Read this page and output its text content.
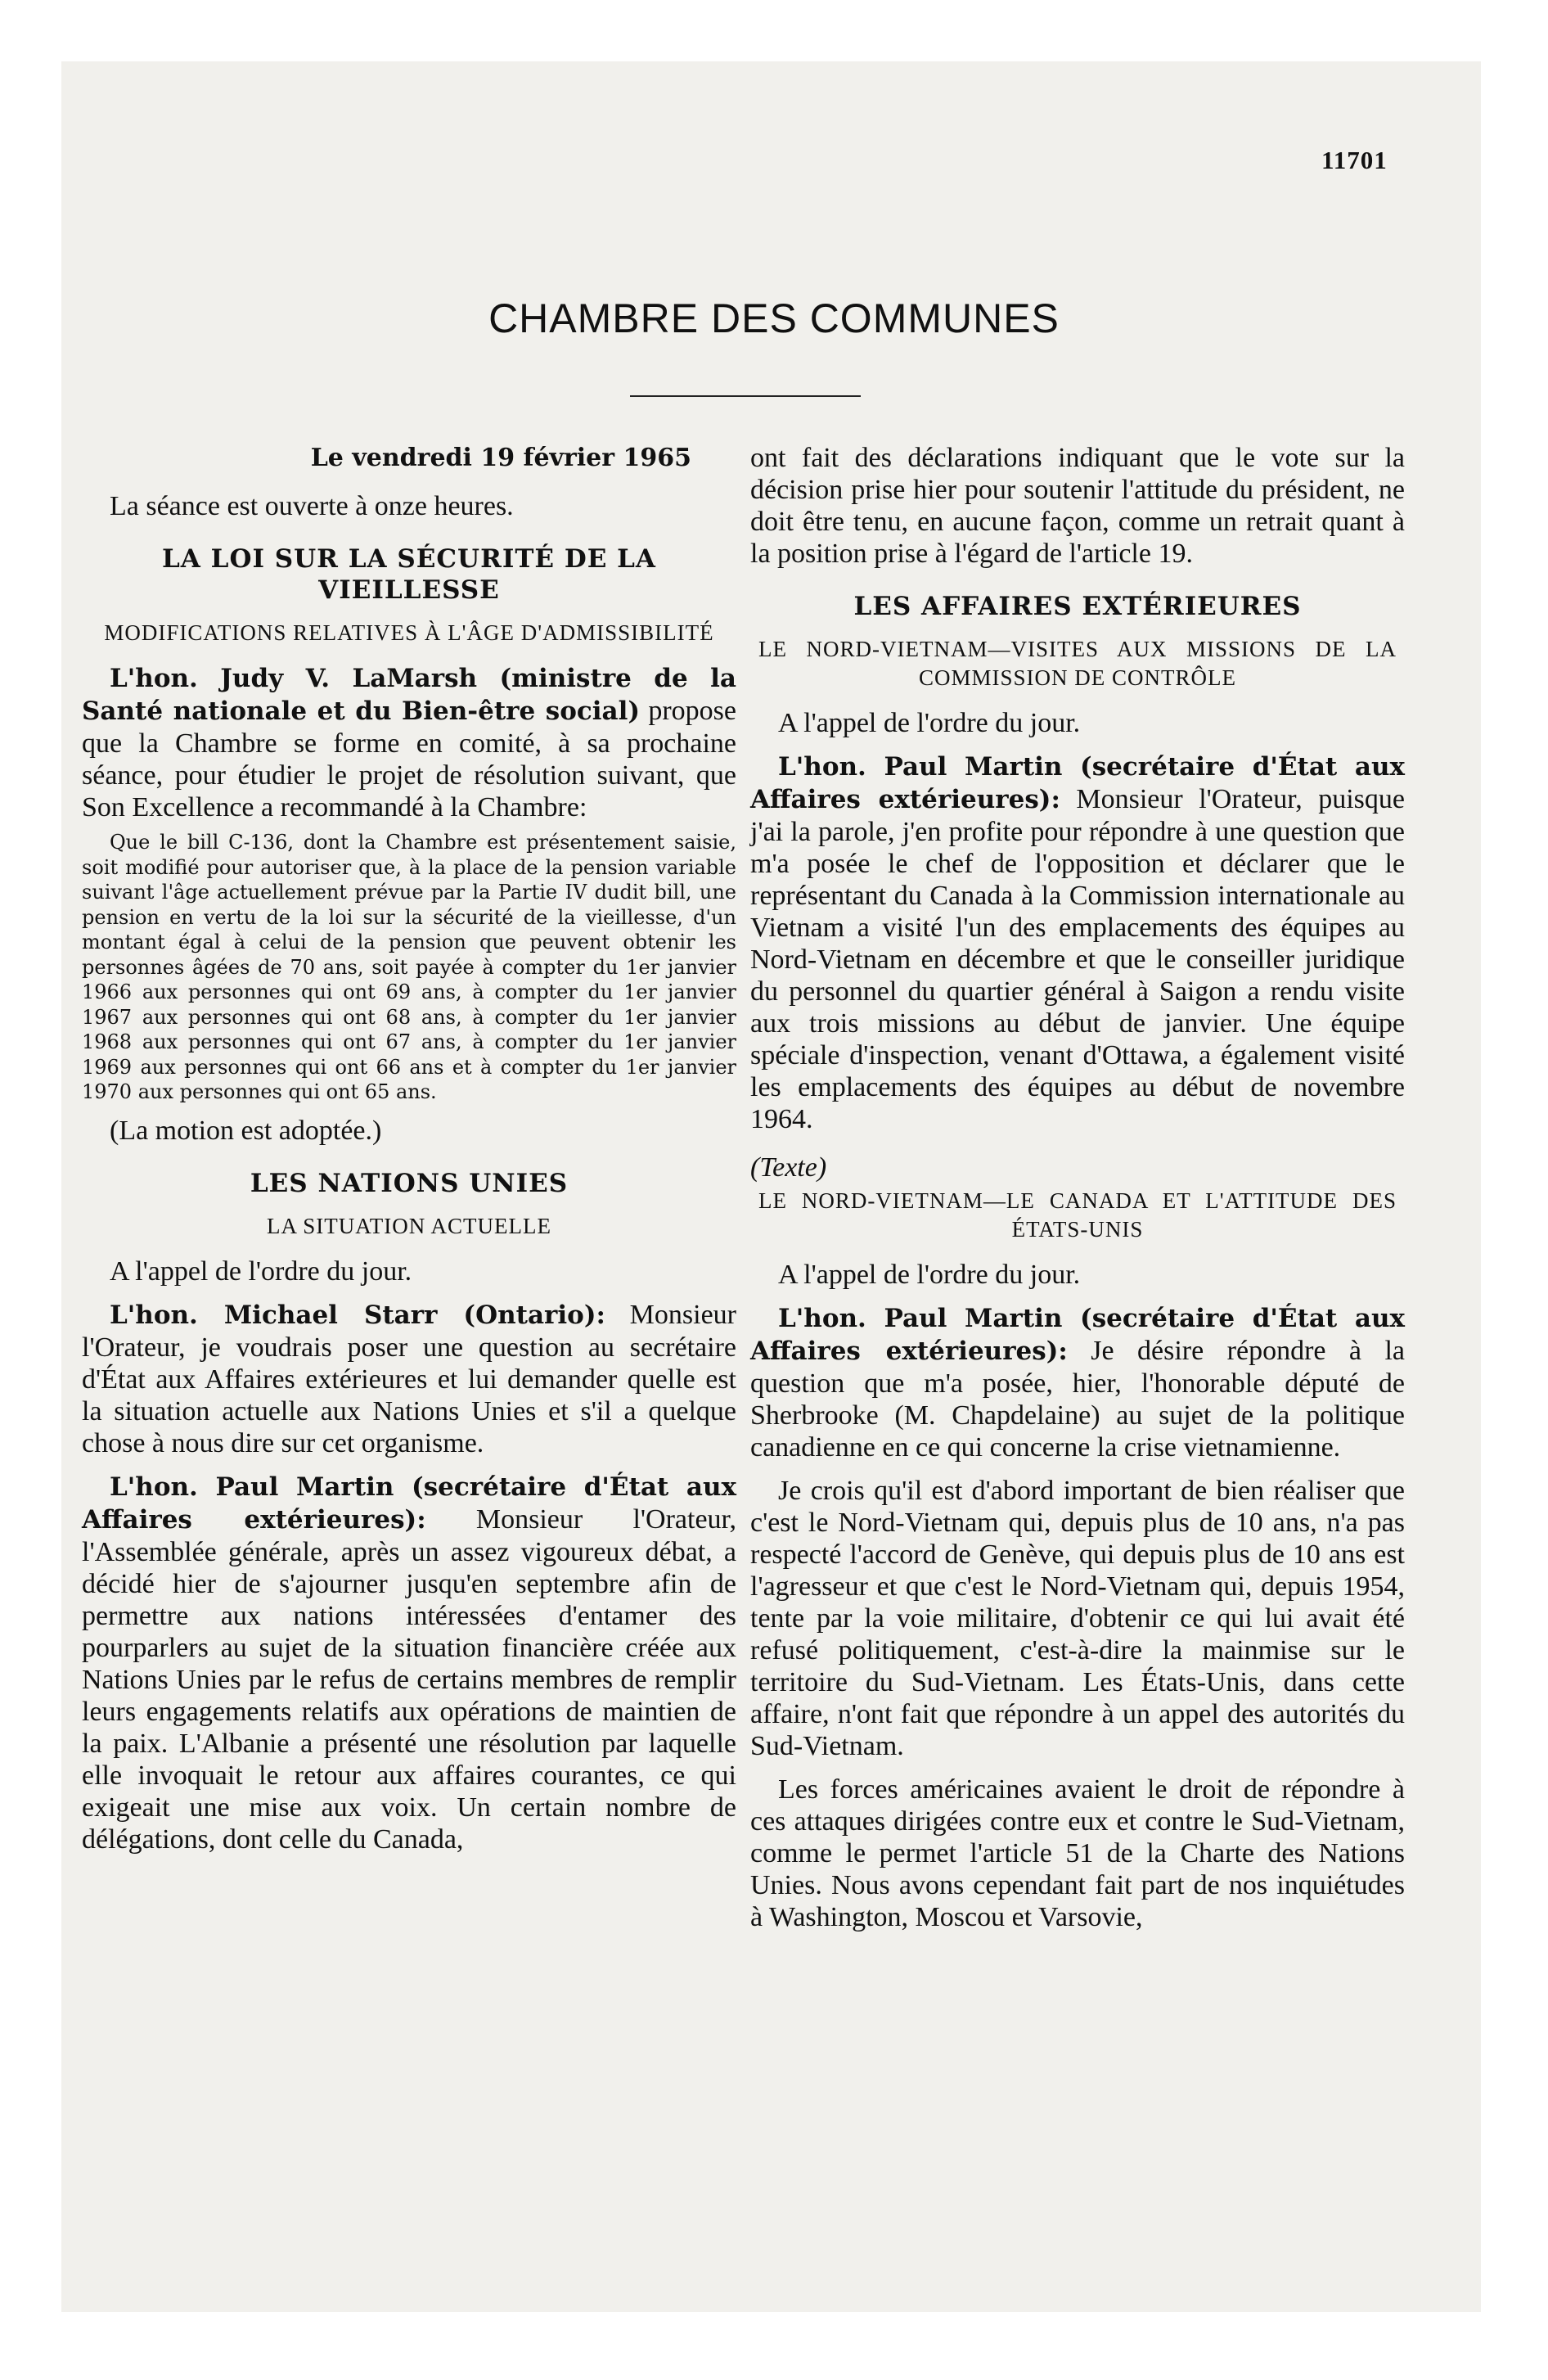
11701
CHAMBRE DES COMMUNES

Le vendredi 19 février 1965

La séance est ouverte à onze heures.

LA LOI SUR LA SÉCURITÉ DE LA VIEILLESSE

MODIFICATIONS RELATIVES À L'ÂGE D'ADMISSIBILITÉ

L'hon. Judy V. LaMarsh (ministre de la Santé nationale et du Bien-être social) propose que la Chambre se forme en comité, à sa prochaine séance, pour étudier le projet de résolution suivant, que Son Excellence a recommandé à la Chambre:

Que le bill C-136, dont la Chambre est présentement saisie, soit modifié pour autoriser que, à la place de la pension variable suivant l'âge actuellement prévue par la Partie IV dudit bill, une pension en vertu de la loi sur la sécurité de la vieillesse, d'un montant égal à celui de la pension que peuvent obtenir les personnes âgées de 70 ans, soit payée à compter du 1er janvier 1966 aux personnes qui ont 69 ans, à compter du 1er janvier 1967 aux personnes qui ont 68 ans, à compter du 1er janvier 1968 aux personnes qui ont 67 ans, à compter du 1er janvier 1969 aux personnes qui ont 66 ans et à compter du 1er janvier 1970 aux personnes qui ont 65 ans.

(La motion est adoptée.)

LES NATIONS UNIES

LA SITUATION ACTUELLE

A l'appel de l'ordre du jour.

L'hon. Michael Starr (Ontario): Monsieur l'Orateur, je voudrais poser une question au secrétaire d'État aux Affaires extérieures et lui demander quelle est la situation actuelle aux Nations Unies et s'il a quelque chose à nous dire sur cet organisme.

L'hon. Paul Martin (secrétaire d'État aux Affaires extérieures): Monsieur l'Orateur, l'Assemblée générale, après un assez vigoureux débat, a décidé hier de s'ajourner jusqu'en septembre afin de permettre aux nations intéressées d'entamer des pourparlers au sujet de la situation financière créée aux Nations Unies par le refus de certains membres de remplir leurs engagements relatifs aux opérations de maintien de la paix. L'Albanie a présenté une résolution par laquelle elle invoquait le retour aux affaires courantes, ce qui exigeait une mise aux voix. Un certain nombre de délégations, dont celle du Canada,

ont fait des déclarations indiquant que le vote sur la décision prise hier pour soutenir l'attitude du président, ne doit être tenu, en aucune façon, comme un retrait quant à la position prise à l'égard de l'article 19.

LES AFFAIRES EXTÉRIEURES

LE NORD-VIETNAM—VISITES AUX MISSIONS DE LA COMMISSION DE CONTRÔLE

A l'appel de l'ordre du jour.

L'hon. Paul Martin (secrétaire d'État aux Affaires extérieures): Monsieur l'Orateur, puisque j'ai la parole, j'en profite pour répondre à une question que m'a posée le chef de l'opposition et déclarer que le représentant du Canada à la Commission internationale au Vietnam a visité l'un des emplacements des équipes au Nord-Vietnam en décembre et que le conseiller juridique du personnel du quartier général à Saigon a rendu visite aux trois missions au début de janvier. Une équipe spéciale d'inspection, venant d'Ottawa, a également visité les emplacements des équipes au début de novembre 1964.

(Texte)

LE NORD-VIETNAM—LE CANADA ET L'ATTITUDE DES ÉTATS-UNIS

A l'appel de l'ordre du jour.

L'hon. Paul Martin (secrétaire d'État aux Affaires extérieures): Je désire répondre à la question que m'a posée, hier, l'honorable député de Sherbrooke (M. Chapdelaine) au sujet de la politique canadienne en ce qui concerne la crise vietnamienne.

Je crois qu'il est d'abord important de bien réaliser que c'est le Nord-Vietnam qui, depuis plus de 10 ans, n'a pas respecté l'accord de Genève, qui depuis plus de 10 ans est l'agresseur et que c'est le Nord-Vietnam qui, depuis 1954, tente par la voie militaire, d'obtenir ce qui lui avait été refusé politiquement, c'est-à-dire la mainmise sur le territoire du Sud-Vietnam. Les États-Unis, dans cette affaire, n'ont fait que répondre à un appel des autorités du Sud-Vietnam.

Les forces américaines avaient le droit de répondre à ces attaques dirigées contre eux et contre le Sud-Vietnam, comme le permet l'article 51 de la Charte des Nations Unies. Nous avons cependant fait part de nos inquiétudes à Washington, Moscou et Varsovie,
